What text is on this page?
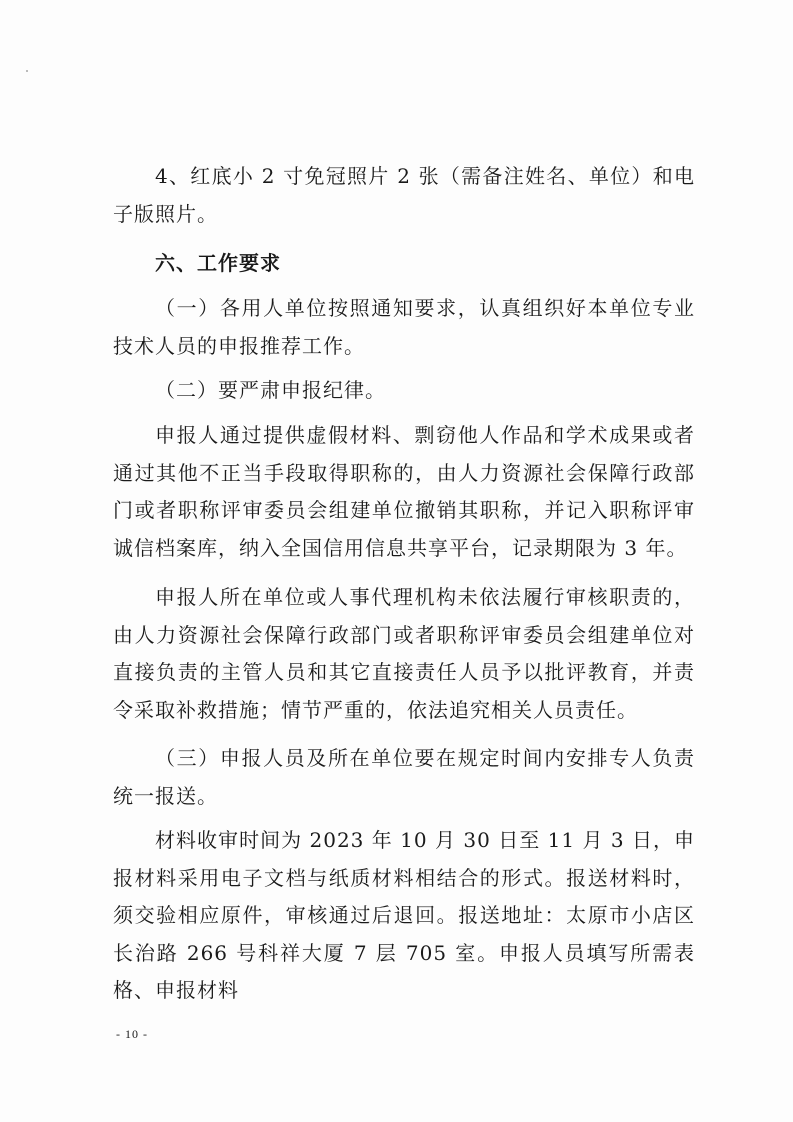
4、红底小 2 寸免冠照片 2 张（需备注姓名、单位）和电子版照片。

六、工作要求

（一）各用人单位按照通知要求，认真组织好本单位专业技术人员的申报推荐工作。

（二）要严肃申报纪律。

申报人通过提供虚假材料、剽窃他人作品和学术成果或者通过其他不正当手段取得职称的，由人力资源社会保障行政部门或者职称评审委员会组建单位撤销其职称，并记入职称评审诚信档案库，纳入全国信用信息共享平台，记录期限为 3 年。

申报人所在单位或人事代理机构未依法履行审核职责的，由人力资源社会保障行政部门或者职称评审委员会组建单位对直接负责的主管人员和其它直接责任人员予以批评教育，并责令采取补救措施；情节严重的，依法追究相关人员责任。

（三）申报人员及所在单位要在规定时间内安排专人负责统一报送。

材料收审时间为 2023 年 10 月 30 日至 11 月 3 日，申报材料采用电子文档与纸质材料相结合的形式。报送材料时，须交验相应原件，审核通过后退回。报送地址：太原市小店区长治路 266 号科祥大厦 7 层 705 室。申报人员填写所需表格、申报材料

- 10 -
